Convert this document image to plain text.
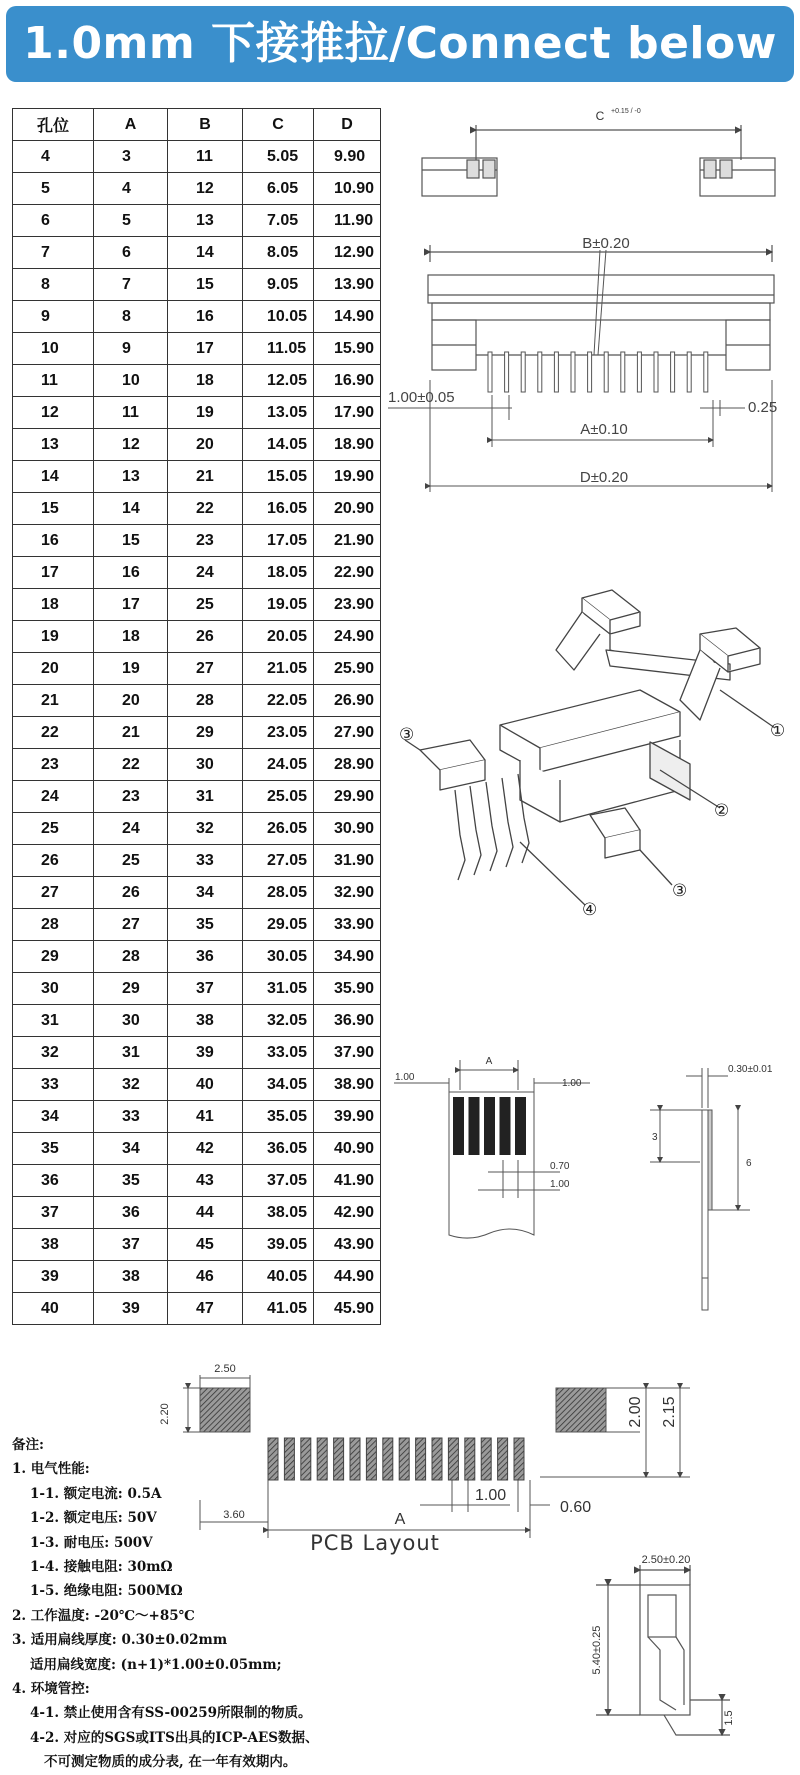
1.0mm 下接推拉/Connect below
孔位	A	B	C	D
4	3	11	5.05	9.90
5	4	12	6.05	10.90
6	5	13	7.05	11.90
7	6	14	8.05	12.90
8	7	15	9.05	13.90
9	8	16	10.05	14.90
10	9	17	11.05	15.90
11	10	18	12.05	16.90
12	11	19	13.05	17.90
13	12	20	14.05	18.90
14	13	21	15.05	19.90
15	14	22	16.05	20.90
16	15	23	17.05	21.90
17	16	24	18.05	22.90
18	17	25	19.05	23.90
19	18	26	20.05	24.90
20	19	27	21.05	25.90
21	20	28	22.05	26.90
22	21	29	23.05	27.90
23	22	30	24.05	28.90
24	23	31	25.05	29.90
25	24	32	26.05	30.90
26	25	33	27.05	31.90
27	26	34	28.05	32.90
28	27	35	29.05	33.90
29	28	36	30.05	34.90
30	29	37	31.05	35.90
31	30	38	32.05	36.90
32	31	39	33.05	37.90
33	32	40	34.05	38.90
34	33	41	35.05	39.90
35	34	42	36.05	40.90
36	35	43	37.05	41.90
37	36	44	38.05	42.90
38	37	45	39.05	43.90
39	38	46	40.05	44.90
40	39	47	41.05	45.90
C +0.15 / -0
B±0.20
1.00±0.05
0.25
A±0.10
D±0.20
①
②
③
③
④
A
1.00
1.00
0.70
1.00
0.30±0.01
3
6
2.50
2.20	2.00 2.15
3.60	A
1.00
0.60
PCB Layout
2.50±0.20
5.40±0.25
1.5
备注:
1. 电气性能:
1-1. 额定电流: 0.5A
1-2. 额定电压: 50V
1-3. 耐电压: 500V
1-4. 接触电阻: 30mΩ
1-5. 绝缘电阻: 500MΩ
2. 工作温度: -20℃～+85℃
3. 适用扁线厚度: 0.30±0.02mm
适用扁线宽度: (n+1)*1.00±0.05mm;
4. 环境管控:
4-1. 禁止使用含有SS-00259所限制的物质。
4-2. 对应的SGS或ITS出具的ICP-AES数据、
不可测定物质的成分表, 在一年有效期内。
